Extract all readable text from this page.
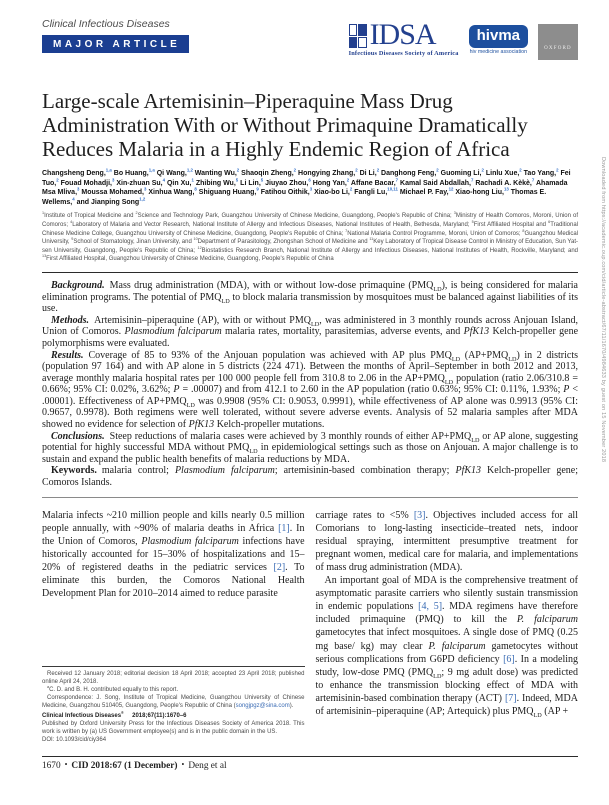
Clinical Infectious Diseases
MAJOR ARTICLE	IDSA
Infectious Diseases Society of America
hivma
hiv medicine association
OXFORD
Large-scale Artemisinin–Piperaquine Mass Drug Administration With or Without Primaquine Dramatically Reduces Malaria in a Highly Endemic Region of Africa

Changsheng Deng,$^{1,a}$ Bo Huang,$^{1,a}$ Qi Wang,$^{1,2}$ Wanting Wu,$^2$ Shaoqin Zheng,$^2$ Hongying Zhang,$^2$ Di Li,$^2$ Danghong Feng,$^2$ Guoming Li,$^2$ Linlu Xue,$^2$ Tao Yang,$^2$ Fei Tuo,$^2$ Fouad Mohadji,$^3$ Xin-zhuan Su,$^4$ Qin Xu,$^1$ Zhibing Wu,$^5$ Li Lin,$^5$ Jiuyao Zhou,$^6$ Hong Yan,$^2$ Affane Bacar,$^7$ Kamal Said Abdallah,$^7$ Rachadi A. Kèkè,$^7$ Ahamada Msa Mliva,$^3$ Moussa Mohamed,$^3$ Xinhua Wang,$^8$ Shiguang Huang,$^9$ Fatihou Oithik,$^3$ Xiao-bo Li,$^2$ Fangli Lu,$^{10,11}$ Michael P. Fay,$^{12}$ Xiao-hong Liu,$^{13}$ Thomas E. Wellems,$^4$ and Jianping Song$^{1,2}$

$^1$Institute of Tropical Medicine and $^2$Science and Technology Park, Guangzhou University of Chinese Medicine, Guangdong, People's Republic of China; $^3$Ministry of Health Comoros, Moroni, Union of Comoros; $^4$Laboratory of Malaria and Vector Research, National Institute of Allergy and Infectious Diseases, National Institutes of Health, Bethesda, Maryland; $^5$First Affiliated Hospital and $^6$Traditional Chinese Medicine College, Guangzhou University of Chinese Medicine, Guangdong, People's Republic of China; $^7$National Malaria Control Programme, Moroni, Union of Comoros; $^8$Guangzhou Medical University, $^9$School of Stomatology, Jinan University, and $^{10}$Department of Parasitology, Zhongshan School of Medicine and $^{11}$Key Laboratory of Tropical Disease Control in Ministry of Education, Sun Yat-sen University, Guangdong, People's Republic of China; $^{12}$Biostatistics Research Branch, National Institute of Allergy and Infectious Diseases, National Institutes of Health, Rockville, Maryland; and $^{13}$First Affiliated Hospital, Guangzhou University of Chinese Medicine, Guangdong, People's Republic of China

Background. Mass drug administration (MDA), with or without low-dose primaquine $(PMQ_{LD})$, is being considered for malaria elimination programs. The potential of $PMQ_{LD}$ to block malaria transmission by mosquitoes must be balanced against liabilities of its use.

Methods. Artemisinin–piperaquine (AP), with or without $PMQ_{LD}$, was administered in 3 monthly rounds across Anjouan Island, Union of Comoros. Plasmodium falciparum malaria rates, mortality, parasitemias, adverse events, and PfK13 Kelch-propeller gene polymorphisms were evaluated.

Results. Coverage of 85 to 93% of the Anjouan population was achieved with AP plus $PMQ_{LD}$ $(AP+PMQ_{LD})$ in 2 districts (population 97 164) and with AP alone in 5 districts (224 471). Between the months of April–September in both 2012 and 2013, average monthly malaria hospital rates per 100 000 people fell from 310.8 to 2.06 in the $AP+PMQ_{LD}$ population (ratio 2.06/310.8 = 0.66%; 95% CI: 0.02%, 3.62%; P = .00007) and from 412.1 to 2.60 in the AP population (ratio 0.63%; 95% CI: 0.11%, 1.93%; P < .00001). Effectiveness of $AP+PMQ_{LD}$ was 0.9908 (95% CI: 0.9053, 0.9991), while effectiveness of AP alone was 0.9913 (95% CI: 0.9657, 0.9978). Both regimens were well tolerated, without severe adverse events. Analysis of 52 malaria samples after MDA showed no evidence for selection of PfK13 Kelch-propeller mutations.

Conclusions. Steep reductions of malaria cases were achieved by 3 monthly rounds of either $AP+PMQ_{LD}$ or AP alone, suggesting potential for highly successful MDA without $PMQ_{LD}$ in epidemiological settings such as those on Anjouan. A major challenge is to sustain and expand the public health benefits of malaria reductions by MDA.

Keywords. malaria control; Plasmodium falciparum; artemisinin-based combination therapy; PfK13 Kelch-propeller gene; Comoros Islands.

Malaria infects ~210 million people and kills nearly 0.5 million people annually, with ~90% of malaria deaths in Africa [1]. In the Union of Comoros, Plasmodium falciparum infections have historically accounted for 15–30% of hospitalizations and 15–20% of registered deaths in the pediatric services [2]. To eliminate this burden, the Comoros National Health Development Plan for 2010–2014 aimed to reduce parasite

Received 12 January 2018; editorial decision 18 April 2018; accepted 23 April 2018; published online April 24, 2018.

$^a$C. D. and B. H. contributed equally to this report.

Correspondence: J. Song, Institute of Tropical Medicine, Guangzhou University of Chinese Medicine, Guangzhou 510405, Guangdong, People's Republic of China (songjpgz@sina.com).

Clinical Infectious Diseases® 2018;67(11):1670–6

Published by Oxford University Press for the Infectious Diseases Society of America 2018. This work is written by (a) US Government employee(s) and is in the public domain in the US.

DOI: 10.1093/cid/ciy364

carriage rates to <5% [3]. Objectives included access for all Comorians to long-lasting insecticide–treated nets, indoor residual spraying, intermittent presumptive treatment for pregnant women, medical care for malaria, and implementations of mass drug administration (MDA).

An important goal of MDA is the comprehensive treatment of asymptomatic parasite carriers who silently sustain transmission in endemic populations [4, 5]. MDA regimens have therefore included primaquine (PMQ) to kill the P. falciparum gametocytes that infect mosquitoes. A single dose of PMQ (0.25 mg base/ kg) may clear P. falciparum gametocytes without serious complications from G6PD deficiency [6]. In a modeling study, low-dose PMQ ($PMQ_{LD}$; 9 mg adult dose) was predicted to enhance the transmission blocking effect of MDA with artemisinin-based combination therapy (ACT) [7]. Indeed, MDA of artemisinin–piperaquine (AP; Artequick) plus $PMQ_{LD}$ (AP +

1670 • CID 2018:67 (1 December) • Deng et al
Downloaded from https://academic.oup.com/cid/article-abstract/67/11/1670/4984633 by guest on 15 November 2018
